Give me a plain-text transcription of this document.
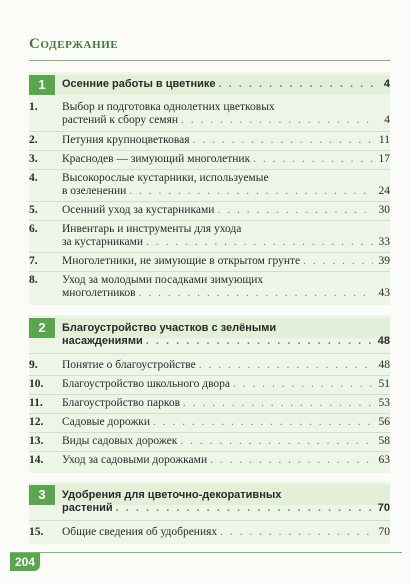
Содержание
1	Осенние работы в цветнике . . .	4
1.	Выбор и подготовка однолетних цветковых
растений к сбору семян . . .	4
2.	Петуния крупноцветковая . . .	11
3.	Краснодев — зимующий многолетник . . .	17
4.	Высокорослые кустарники, используемые
в озеленении . . .	24
5.	Осенний уход за кустарниками . . .	30
6.	Инвентарь и инструменты для ухода
за кустарниками . . .	33
7.	Многолетники, не зимующие в открытом грунте . . .	39
8.	Уход за молодыми посадками зимующих
многолетников . . .	43
2	Благоустройство участков с зелёными
насаждениями . . .	48
9.	Понятие о благоустройстве . . .	48
10.	Благоустройство школьного двора . . .	51
11.	Благоустройство парков . . .	53
12.	Садовые дорожки . . .	56
13.	Виды садовых дорожек . . .	58
14.	Уход за садовыми дорожками . . .	63
3	Удобрения для цветочно-декоративных
растений . . .	70
15.	Общие сведения об удобрениях . . .	70
204
